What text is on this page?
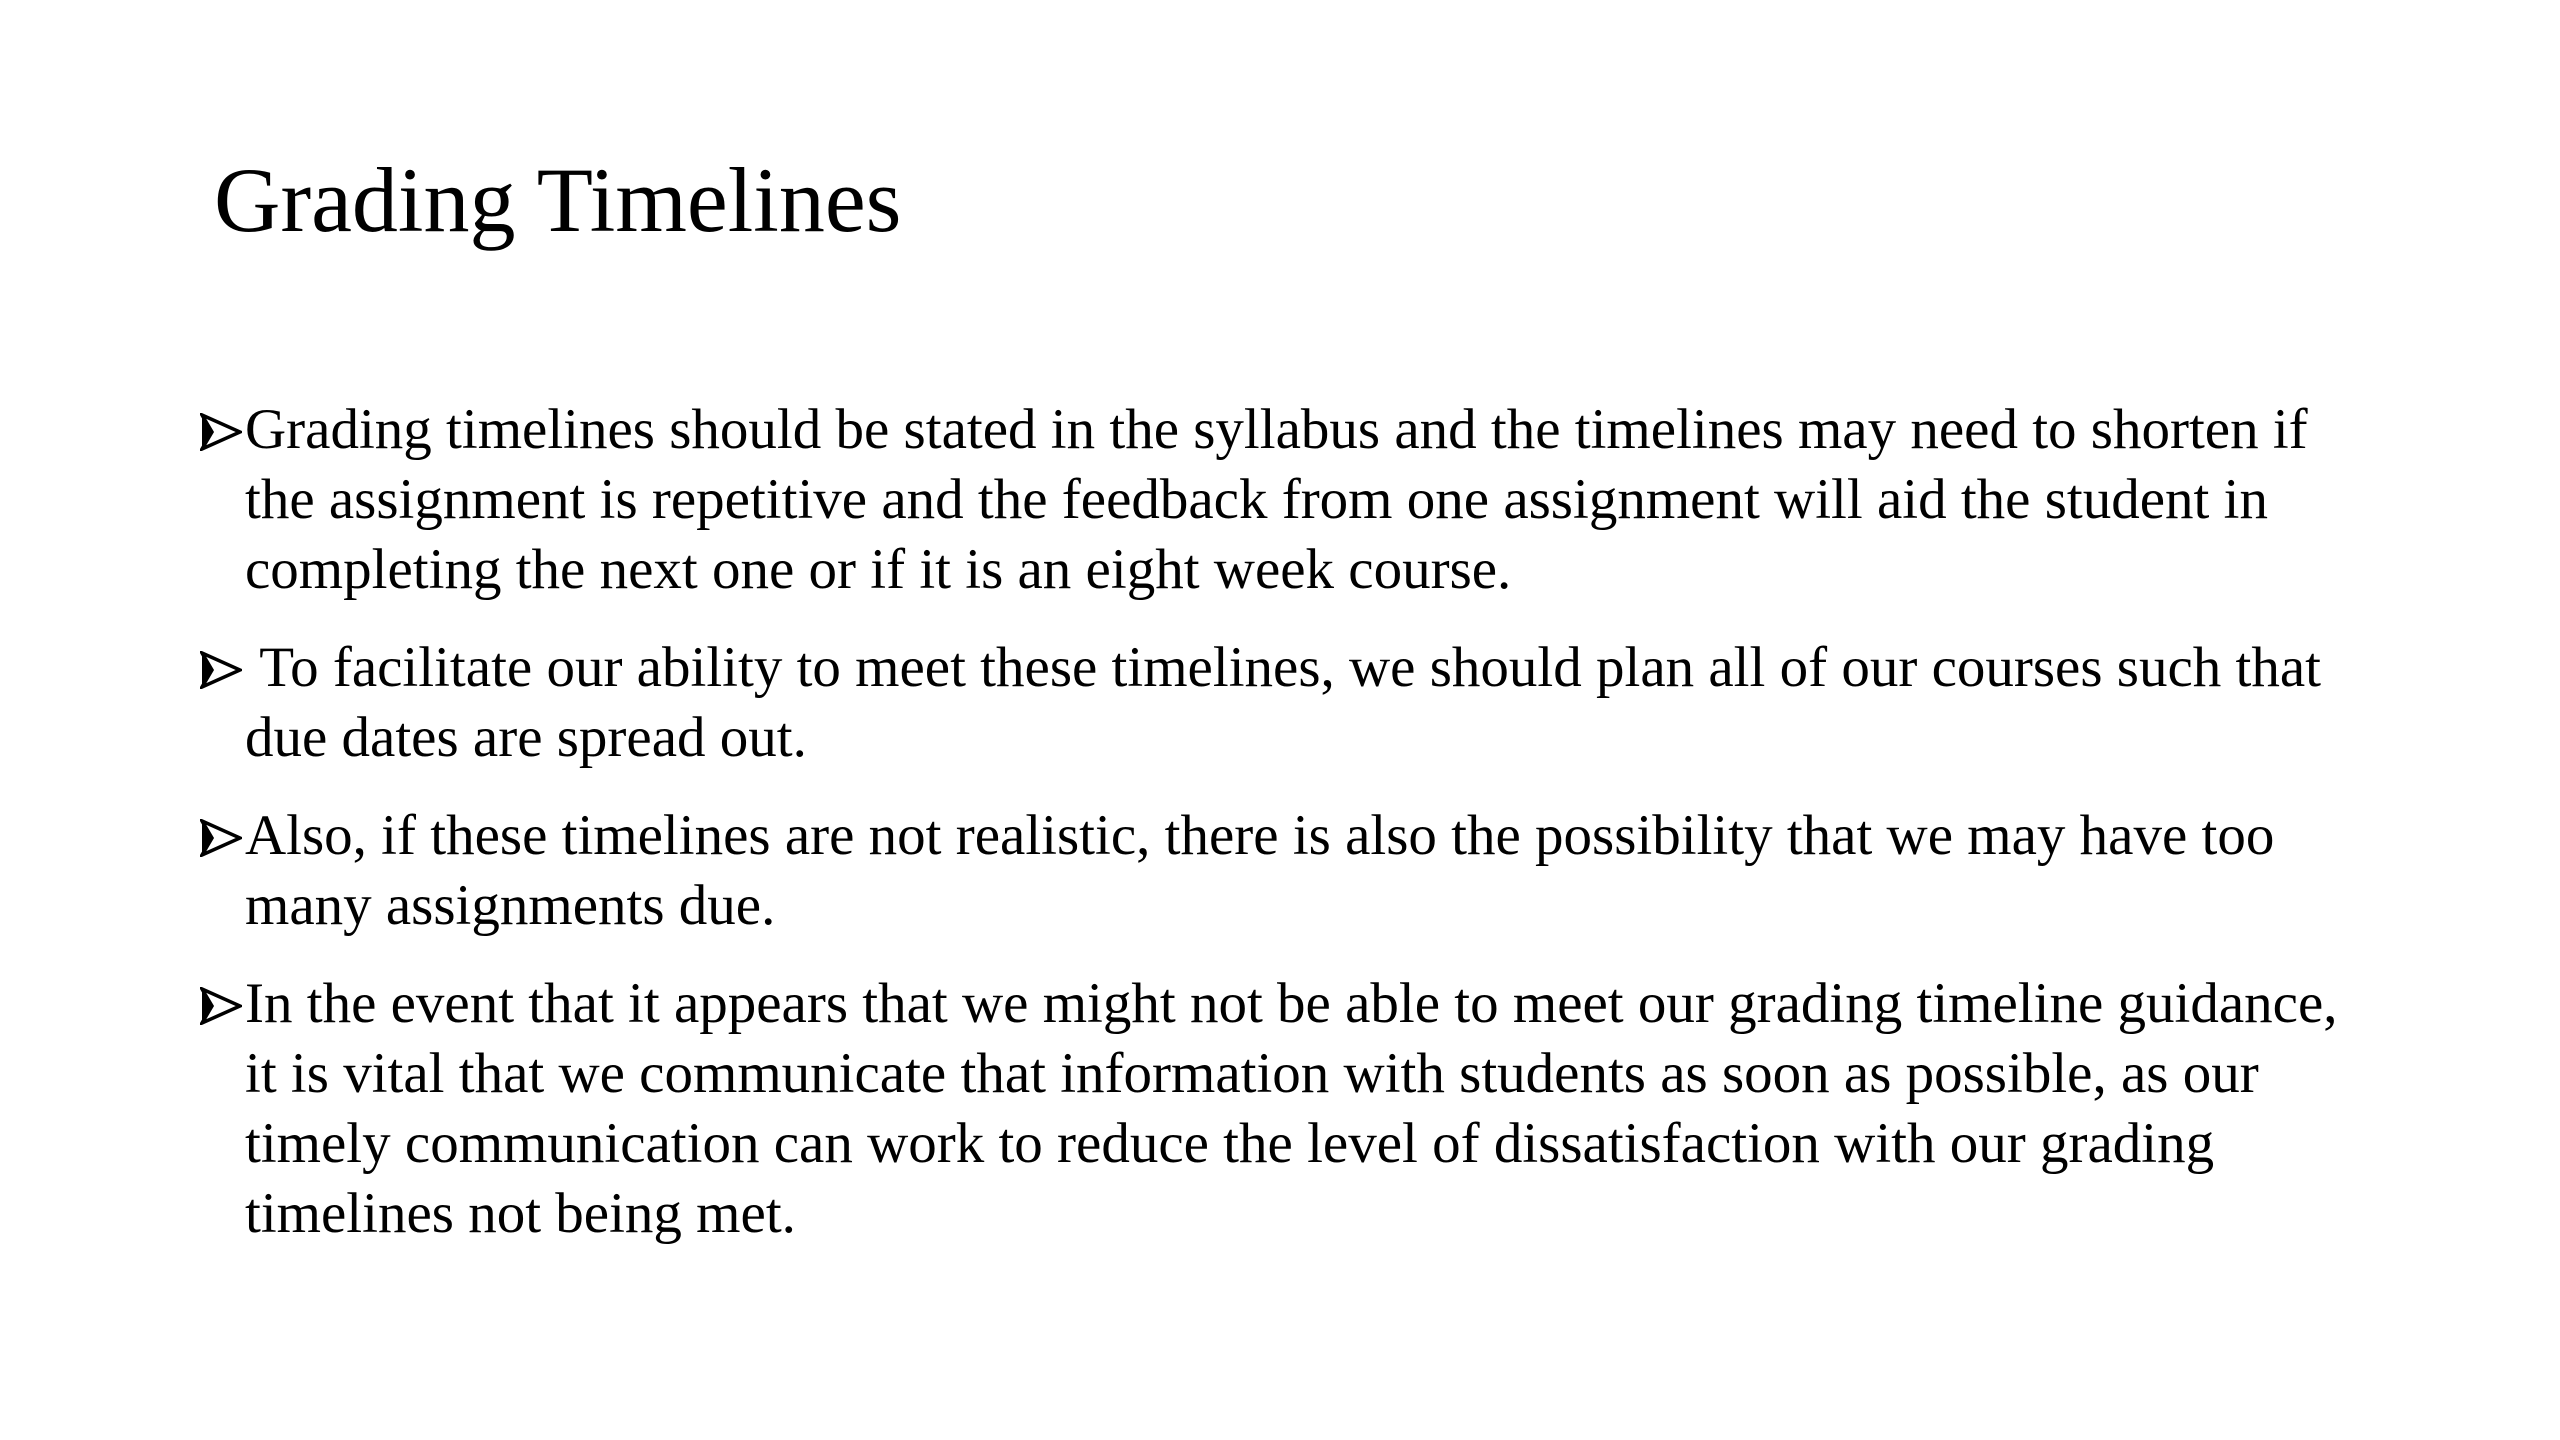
Grading Timelines
Grading timelines should be stated in the syllabus and the timelines may need to shorten if the assignment is repetitive and the feedback from one assignment will aid the student in completing the next one or if it is an eight week course.
To facilitate our ability to meet these timelines, we should plan all of our courses such that due dates are spread out.
Also, if these timelines are not realistic, there is also the possibility that we may have too many assignments due.
In the event that it appears that we might not be able to meet our grading timeline guidance, it is vital that we communicate that information with students as soon as possible, as our timely communication can work to reduce the level of dissatisfaction with our grading timelines not being met.
